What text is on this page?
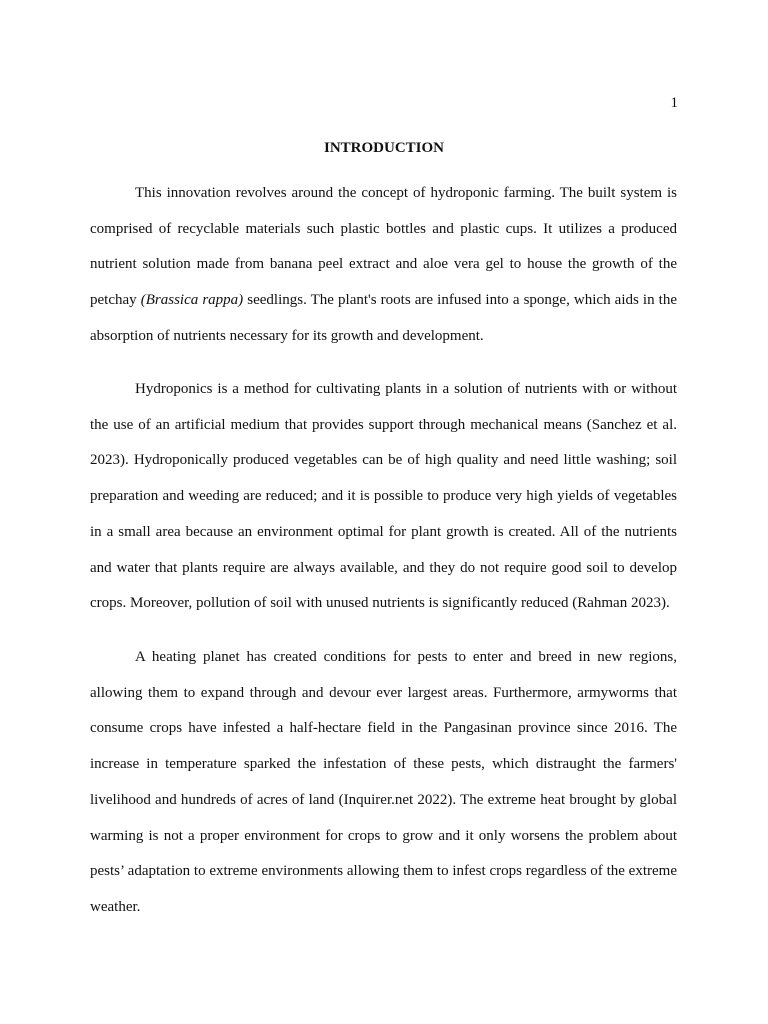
1
INTRODUCTION

This innovation revolves around the concept of hydroponic farming. The built system is comprised of recyclable materials such plastic bottles and plastic cups. It utilizes a produced nutrient solution made from banana peel extract and aloe vera gel to house the growth of the petchay (Brassica rappa) seedlings. The plant's roots are infused into a sponge, which aids in the absorption of nutrients necessary for its growth and development.

Hydroponics is a method for cultivating plants in a solution of nutrients with or without the use of an artificial medium that provides support through mechanical means (Sanchez et al. 2023). Hydroponically produced vegetables can be of high quality and need little washing; soil preparation and weeding are reduced; and it is possible to produce very high yields of vegetables in a small area because an environment optimal for plant growth is created. All of the nutrients and water that plants require are always available, and they do not require good soil to develop crops. Moreover, pollution of soil with unused nutrients is significantly reduced (Rahman 2023).

A heating planet has created conditions for pests to enter and breed in new regions, allowing them to expand through and devour ever largest areas. Furthermore, armyworms that consume crops have infested a half-hectare field in the Pangasinan province since 2016. The increase in temperature sparked the infestation of these pests, which distraught the farmers' livelihood and hundreds of acres of land (Inquirer.net 2022). The extreme heat brought by global warming is not a proper environment for crops to grow and it only worsens the problem about pests’ adaptation to extreme environments allowing them to infest crops regardless of the extreme weather.
